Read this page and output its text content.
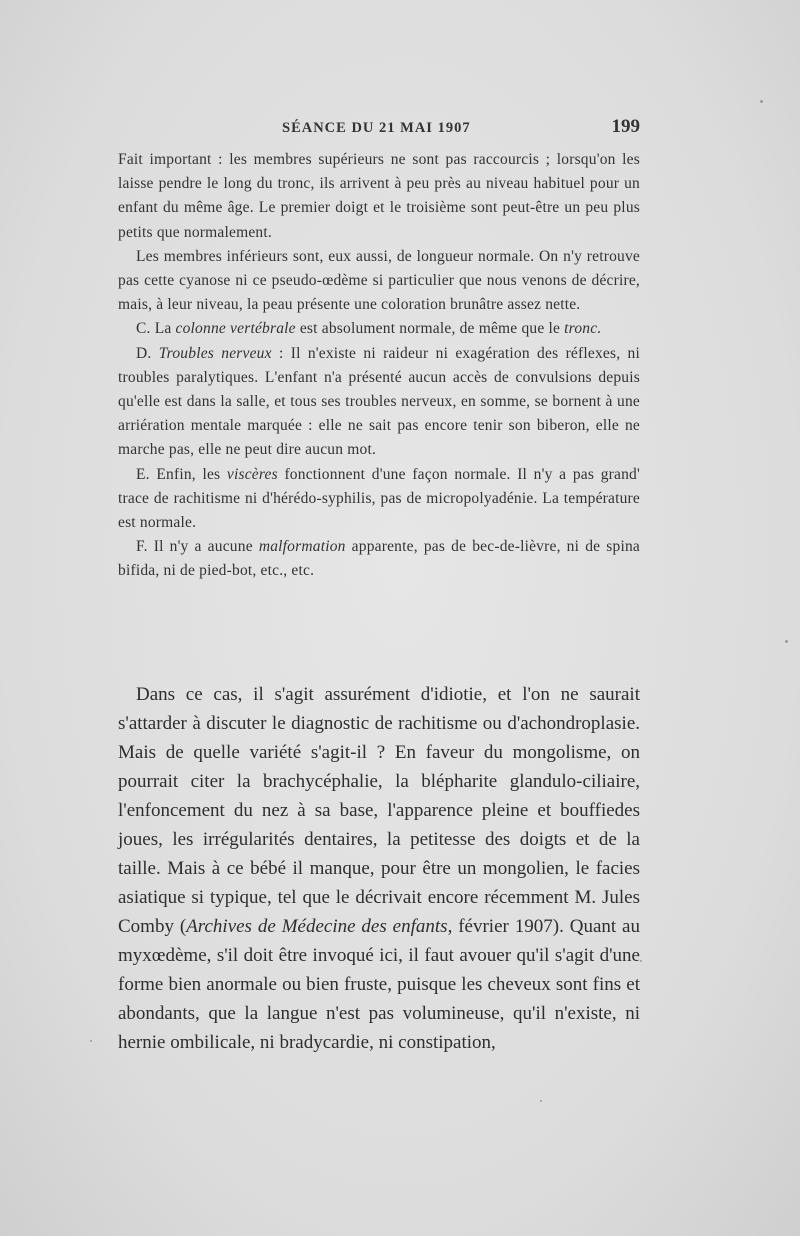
SÉANCE DU 21 MAI 1907	199

Fait important : les membres supérieurs ne sont pas raccourcis ; lorsqu'on les laisse pendre le long du tronc, ils arrivent à peu près au niveau habituel pour un enfant du même âge. Le premier doigt et le troisième sont peut-être un peu plus petits que normalement.

Les membres inférieurs sont, eux aussi, de longueur normale. On n'y retrouve pas cette cyanose ni ce pseudo-œdème si particulier que nous venons de décrire, mais, à leur niveau, la peau présente une coloration brunâtre assez nette.

C. La colonne vertébrale est absolument normale, de même que le tronc.

D. Troubles nerveux : Il n'existe ni raideur ni exagération des réflexes, ni troubles paralytiques. L'enfant n'a présenté aucun accès de convulsions depuis qu'elle est dans la salle, et tous ses troubles nerveux, en somme, se bornent à une arriération mentale marquée : elle ne sait pas encore tenir son biberon, elle ne marche pas, elle ne peut dire aucun mot.

E. Enfin, les viscères fonctionnent d'une façon normale. Il n'y a pas grand' trace de rachitisme ni d'hérédo-syphilis, pas de micropolyadénie. La température est normale.

F. Il n'y a aucune malformation apparente, pas de bec-de-lièvre, ni de spina bifida, ni de pied-bot, etc., etc.

Dans ce cas, il s'agit assurément d'idiotie, et l'on ne saurait s'attarder à discuter le diagnostic de rachitisme ou d'achondroplasie. Mais de quelle variété s'agit-il ? En faveur du mongolisme, on pourrait citer la brachycéphalie, la blépharite glandulo-ciliaire, l'enfoncement du nez à sa base, l'apparence pleine et bouffiedes joues, les irrégularités dentaires, la petitesse des doigts et de la taille. Mais à ce bébé il manque, pour être un mongolien, le facies asiatique si typique, tel que le décrivait encore récemment M. Jules Comby (Archives de Médecine des enfants, février 1907). Quant au myxœdème, s'il doit être invoqué ici, il faut avouer qu'il s'agit d'une forme bien anormale ou bien fruste, puisque les cheveux sont fins et abondants, que la langue n'est pas volumineuse, qu'il n'existe, ni hernie ombilicale, ni bradycardie, ni constipation,
